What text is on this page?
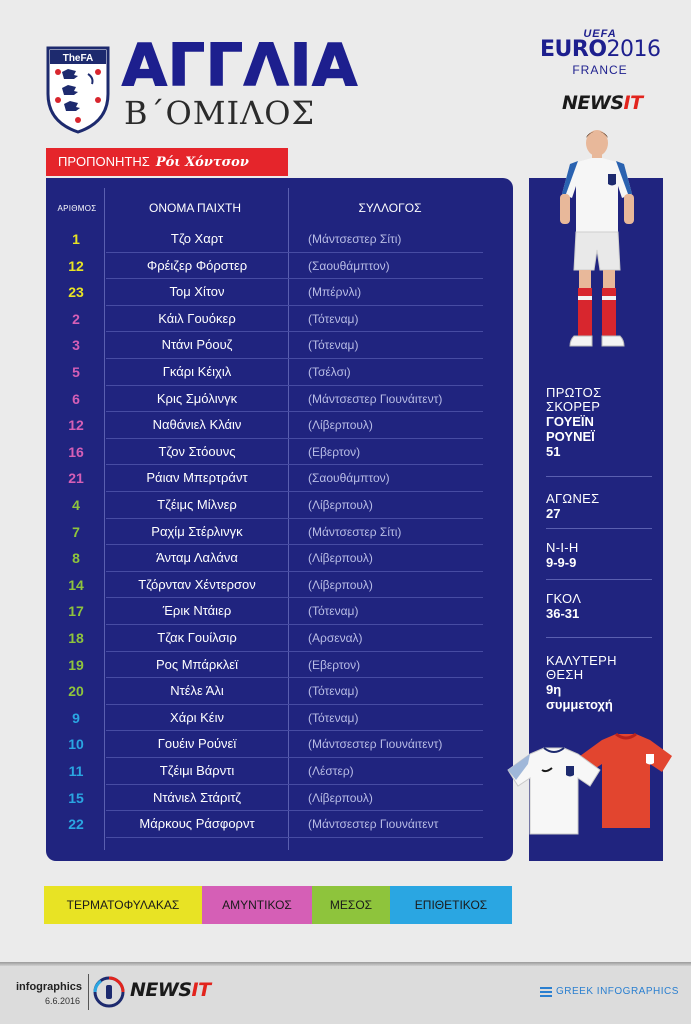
TheFA ΑΓΓΛΙΑ
Β΄ΟΜΙΛΟΣ
UEFA
EURO2016
FRANCE
NEWSIT
ΠΡΟΠΟΝΗΤΗΣ Ρόι Χόντσον
ΑΡΙΘΜΟΣ	ΟΝΟΜΑ ΠΑΙΧΤΗ	ΣΥΛΛΟΓΟΣ
1	Τζο Χαρτ	(Μάντσεστερ Σίτι)
12	Φρέιζερ Φόρστερ	(Σαουθάμπτον)
23	Τομ Χίτον	(Μπέρνλι)
2	Κάιλ Γουόκερ	(Τότεναμ)
3	Ντάνι Ρόουζ	(Τότεναμ)
5	Γκάρι Κέιχιλ	(Τσέλσι)
6	Κρις Σμόλινγκ	(Μάντσεστερ Γιουνάιτεντ)
12	Ναθάνιελ Κλάιν	(Λίβερπουλ)
16	Τζον Στόουνς	(Εβερτον)
21	Ράιαν Μπερτράντ	(Σαουθάμπτον)
4	Τζέιμς Μίλνερ	(Λίβερπουλ)
7	Ραχίμ Στέρλινγκ	(Μάντσεστερ Σίτι)
8	Άνταμ Λαλάνα	(Λίβερπουλ)
14	Τζόρνταν Χέντερσον	(Λίβερπουλ)
17	Έρικ Ντάιερ	(Τότεναμ)
18	Τζακ Γουίλσιρ	(Αρσεναλ)
19	Ρος Μπάρκλεϊ	(Εβερτον)
20	Ντέλε Άλι	(Τότεναμ)
9	Χάρι Κέιν	(Τότεναμ)
10	Γουέιν Ρούνεϊ	(Μάντσεστερ Γιουνάιτεντ)
11	Τζέιμι Βάρντι	(Λέστερ)
15	Ντάνιελ Στάριτζ	(Λίβερπουλ)
22	Μάρκους Ράσφορντ	(Μάντσεστερ Γιουνάιτεντ
ΠΡΩΤΟΣ
ΣΚΟΡΕΡ
ΓΟΥΕΪΝ
ΡΟΥΝΕΪ
51
ΑΓΩΝΕΣ
27
Ν-Ι-Η
9-9-9
ΓΚΟΛ
36-31
ΚΑΛΥΤΕΡΗ
ΘΕΣΗ
9η
συμμετοχή
ΤΕΡΜΑΤΟΦΥΛΑΚΑΣ	ΑΜΥΝΤΙΚΟΣ	ΜΕΣΟΣ	ΕΠΙΘΕΤΙΚΟΣ
infographics
6.6.2016	NEWSIT	GREEK INFOGRAPHICS
